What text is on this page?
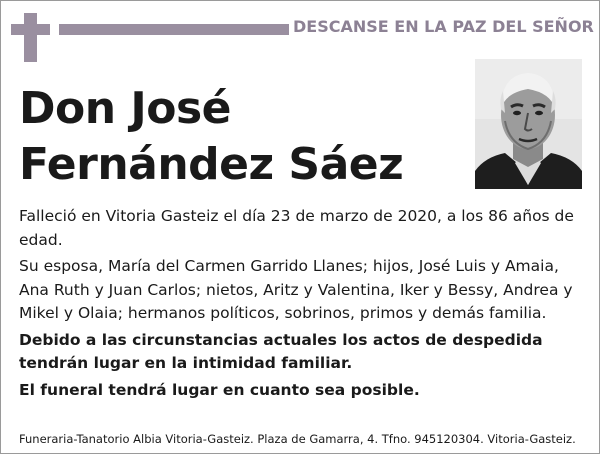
DESCANSE EN LA PAZ DEL SEÑOR
Don José
Fernández Sáez

Falleció en Vitoria Gasteiz el día 23 de marzo de 2020, a los 86 años de edad.

Su esposa, María del Carmen Garrido Llanes; hijos, José Luis y Amaia, Ana Ruth y Juan Carlos; nietos, Aritz y Valentina, Iker y Bessy, Andrea y Mikel y Olaia; hermanos políticos, sobrinos, primos y demás familia.

Debido a las circunstancias actuales los actos de despedida tendrán lugar en la intimidad familiar.

El funeral tendrá lugar en cuanto sea posible.

Funeraria-Tanatorio Albia Vitoria-Gasteiz. Plaza de Gamarra, 4. Tfno. 945120304. Vitoria-Gasteiz.
